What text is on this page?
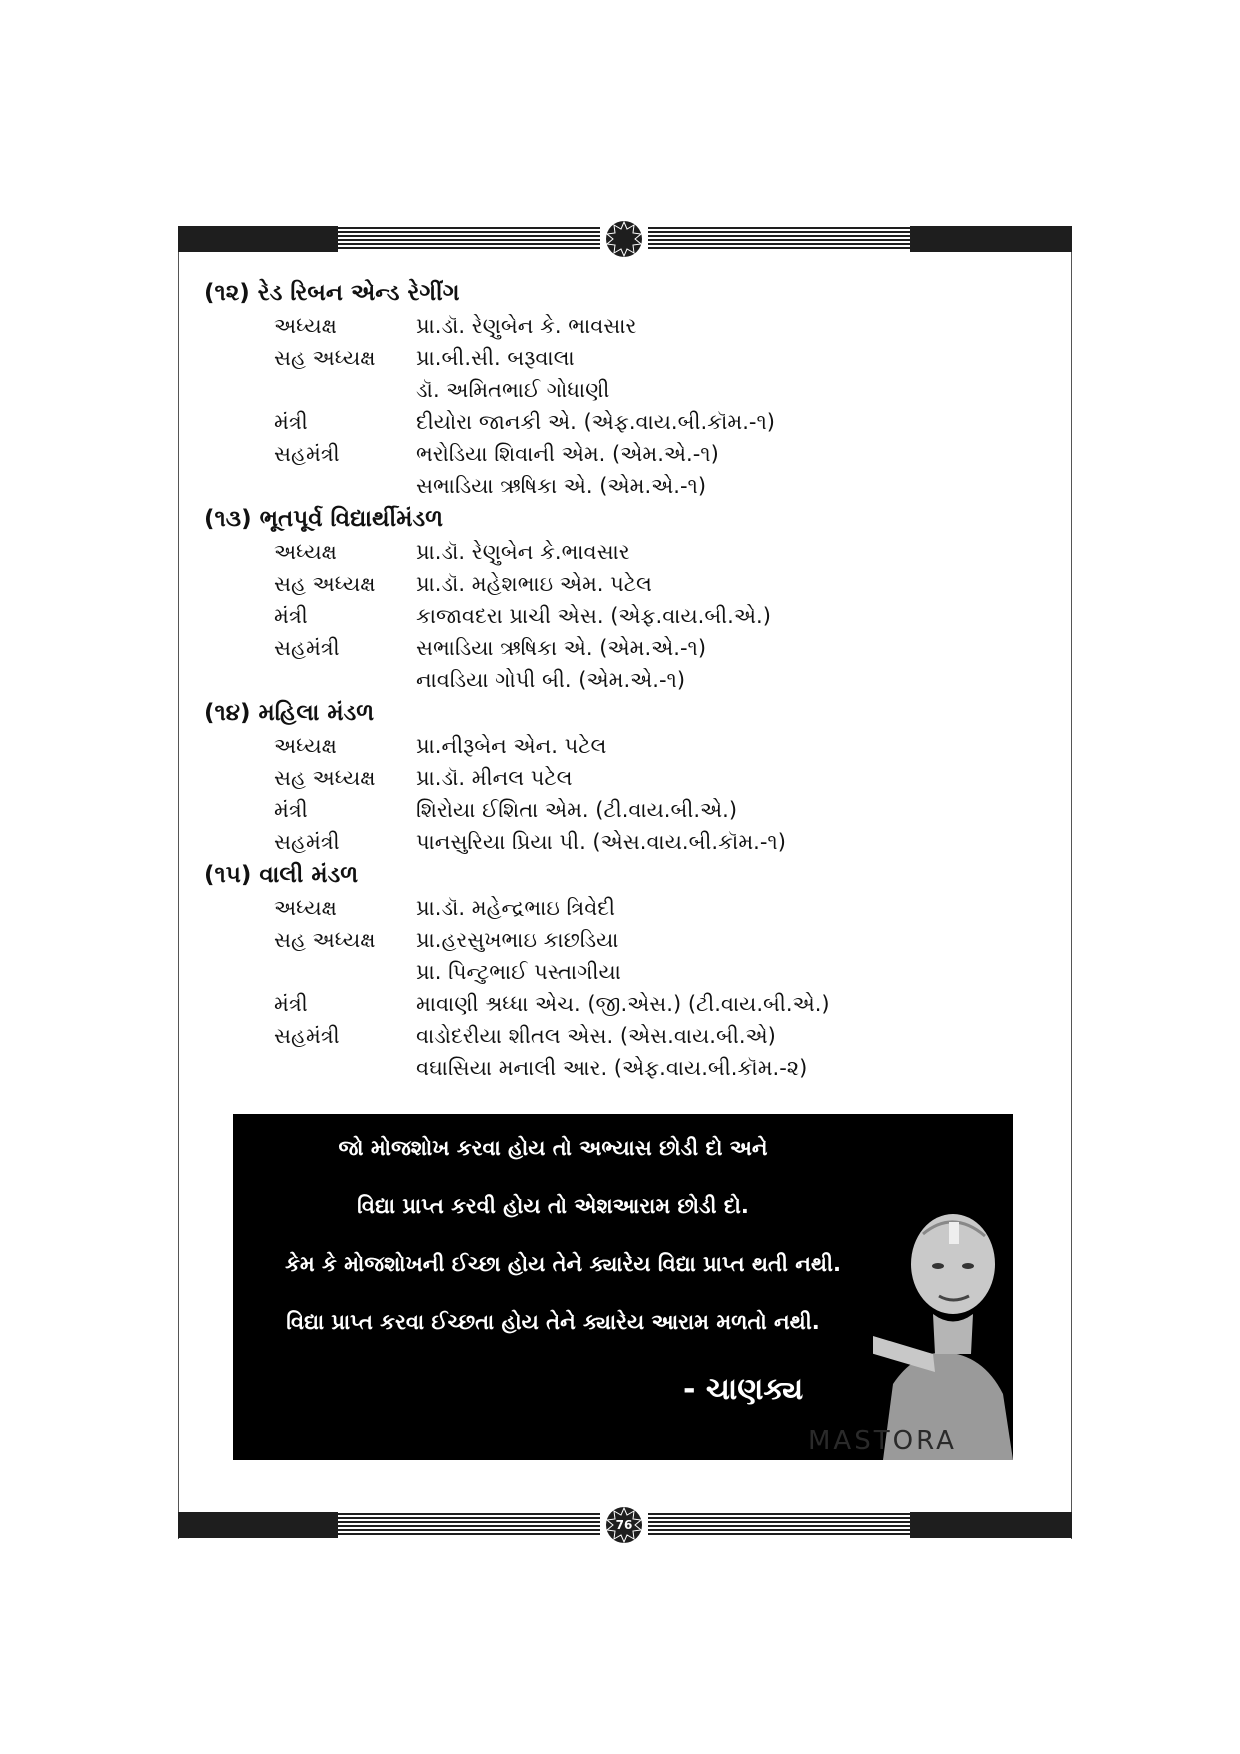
(૧૨) રેડ રિબન એન્ડ રેગીંગ
અધ્યક્ષ	પ્રા.ડૉ. રેણુબેન કે. ભાવસાર
સહ અધ્યક્ષ	પ્રા.બી.સી. બરૂવાલા
ડૉ. અમિતભાઈ ગોધાણી
મંત્રી	દીયોરા જાનકી એ. (એફ.વાય.બી.કૉમ.-૧)
સહમંત્રી	ભરોડિયા શિવાની એમ. (એમ.એ.-૧)
સભાડિયા ઋષિકા એ. (એમ.એ.-૧)
(૧૩) ભૂતપૂર્વ વિદ્યાર્થીમંડળ
અધ્યક્ષ	પ્રા.ડૉ. રેણુબેન કે.ભાવસાર
સહ અધ્યક્ષ	પ્રા.ડૉ. મહેશભાઇ એમ. પટેલ
મંત્રી	કાજાવદરા પ્રાચી એસ. (એફ.વાય.બી.એ.)
સહમંત્રી	સભાડિયા ઋષિકા એ. (એમ.એ.-૧)
નાવડિયા ગોપી બી. (એમ.એ.-૧)
(૧૪) મહિલા મંડળ
અધ્યક્ષ	પ્રા.નીરૂબેન એન. પટેલ
સહ અધ્યક્ષ	પ્રા.ડૉ. મીનલ પટેલ
મંત્રી	શિરોયા ઈશિતા એમ. (ટી.વાય.બી.એ.)
સહમંત્રી	પાનસુરિયા પ્રિયા પી. (એસ.વાય.બી.કૉમ.-૧)
(૧૫) વાલી મંડળ
અધ્યક્ષ	પ્રા.ડૉ. મહેન્દ્રભાઇ ત્રિવેદી
સહ અધ્યક્ષ	પ્રા.હરસુખભાઇ કાછડિયા
પ્રા. પિન્ટુભાઈ પસ્તાગીયા
મંત્રી	માવાણી શ્રધ્ધા એચ. (જી.એસ.) (ટી.વાય.બી.એ.)
સહમંત્રી	વાડોદરીયા શીતલ એસ. (એસ.વાય.બી.એ)
વઘાસિયા મનાલી આર. (એફ.વાય.બી.કૉમ.-૨)
જો મોજશોખ કરવા હોય તો અભ્યાસ છોડી દો અને
વિદ્યા પ્રાપ્ત કરવી હોય તો એશઆરામ છોડી દો.
કેમ કે મોજશોખની ઈચ્છા હોય તેને ક્યારેય વિદ્યા પ્રાપ્ત થતી નથી.
વિદ્યા પ્રાપ્ત કરવા ઈચ્છતા હોય તેને ક્યારેય આરામ મળતો નથી.
- ચાણક્ય
MASTORA
76
